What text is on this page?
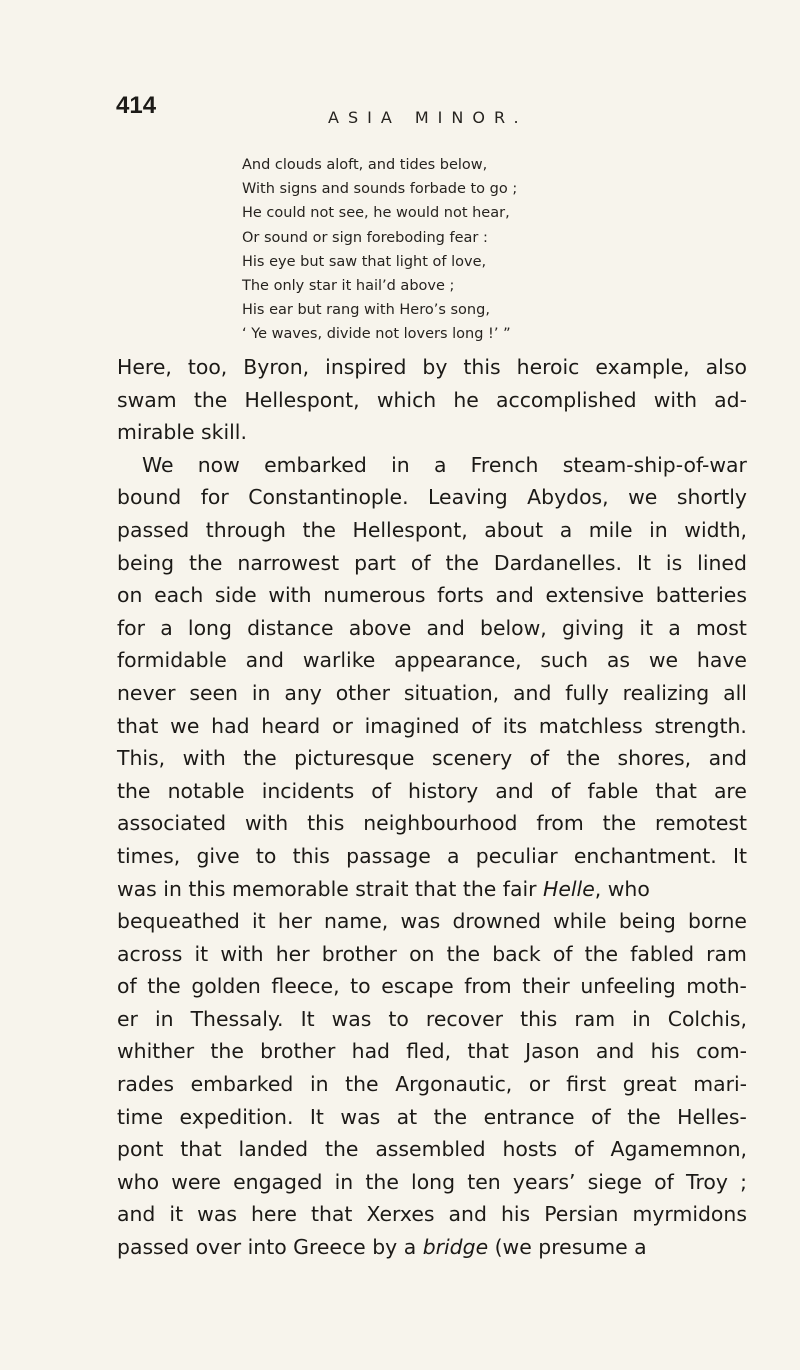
414	ASIA MINOR.
And clouds aloft, and tides below,
With signs and sounds forbade to go ;
He could not see, he would not hear,
Or sound or sign foreboding fear :
His eye but saw that light of love,
The only star it hail’d above ;
His ear but rang with Hero’s song,
‘ Ye waves, divide not lovers long !’ ”
Here, too, Byron, inspired by this heroic example, also
swam the Hellespont, which he accomplished with ad-
mirable skill.
We now embarked in a French steam-ship-of-war
bound for Constantinople. Leaving Abydos, we shortly
passed through the Hellespont, about a mile in width,
being the narrowest part of the Dardanelles. It is lined
on each side with numerous forts and extensive batteries
for a long distance above and below, giving it a most
formidable and warlike appearance, such as we have
never seen in any other situation, and fully realizing all
that we had heard or imagined of its matchless strength.
This, with the picturesque scenery of the shores, and
the notable incidents of history and of fable that are
associated with this neighbourhood from the remotest
times, give to this passage a peculiar enchantment. It
was in this memorable strait that the fair Helle , who
bequeathed it her name, was drowned while being borne
across it with her brother on the back of the fabled ram
of the golden fleece, to escape from their unfeeling moth-
er in Thessaly. It was to recover this ram in Colchis,
whither the brother had fled, that Jason and his com-
rades embarked in the Argonautic, or first great mari-
time expedition. It was at the entrance of the Helles-
pont that landed the assembled hosts of Agamemnon,
who were engaged in the long ten years’ siege of Troy ;
and it was here that Xerxes and his Persian myrmidons
passed over into Greece by a bridge (we presume a
